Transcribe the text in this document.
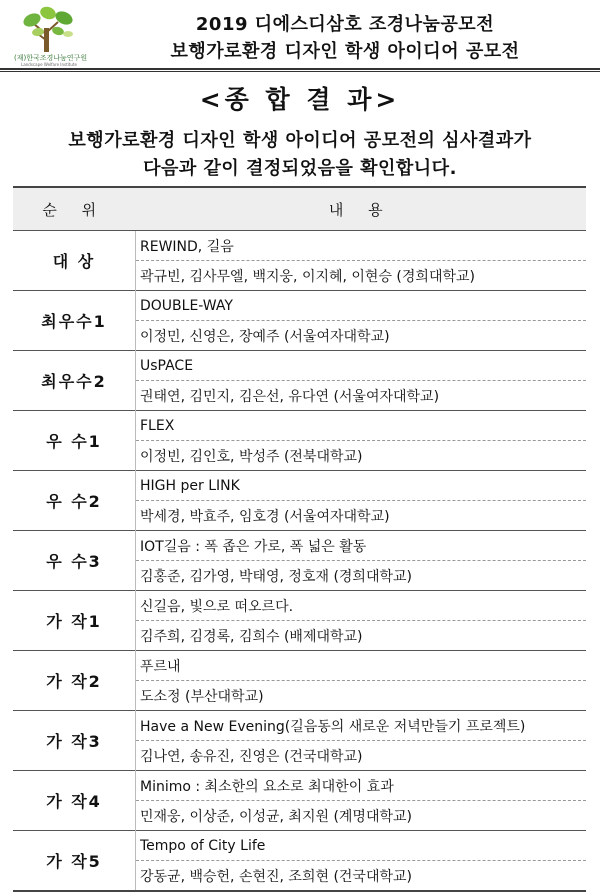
(재)한국조경나눔연구원
Landscape Welfare Institute
2019 디에스디삼호 조경나눔공모전
보행가로환경 디자인 학생 아이디어 공모전
<종 합 결 과>
보행가로환경 디자인 학생 아이디어 공모전의 심사결과가
다음과 같이 결정되었음을 확인합니다.
순 위	내 용
대 상	REWIND, 길음
	곽규빈, 김사무엘, 백지웅, 이지혜, 이현승 (경희대학교)
최우수1	DOUBLE-WAY
	이정민, 신영은, 장예주 (서울여자대학교)
최우수2	UsPACE
	권태연, 김민지, 김은선, 유다연 (서울여자대학교)
우 수1	FLEX
	이정빈, 김인호, 박성주 (전북대학교)
우 수2	HIGH per LINK
	박세경, 박효주, 임호경 (서울여자대학교)
우 수3	IOT길음 : 폭 좁은 가로, 폭 넓은 활동
	김홍준, 김가영, 박태영, 정호재 (경희대학교)
가 작1	신길음, 빛으로 떠오르다.
	김주희, 김경록, 김희수 (배제대학교)
가 작2	푸르내
	도소정 (부산대학교)
가 작3	Have a New Evening(길음동의 새로운 저녁만들기 프로젝트)
	김나연, 송유진, 진영은 (건국대학교)
가 작4	Minimo : 최소한의 요소로 최대한이 효과
	민재웅, 이상준, 이성균, 최지원 (계명대학교)
가 작5	Tempo of City Life
	강동균, 백승헌, 손현진, 조희현 (건국대학교)
